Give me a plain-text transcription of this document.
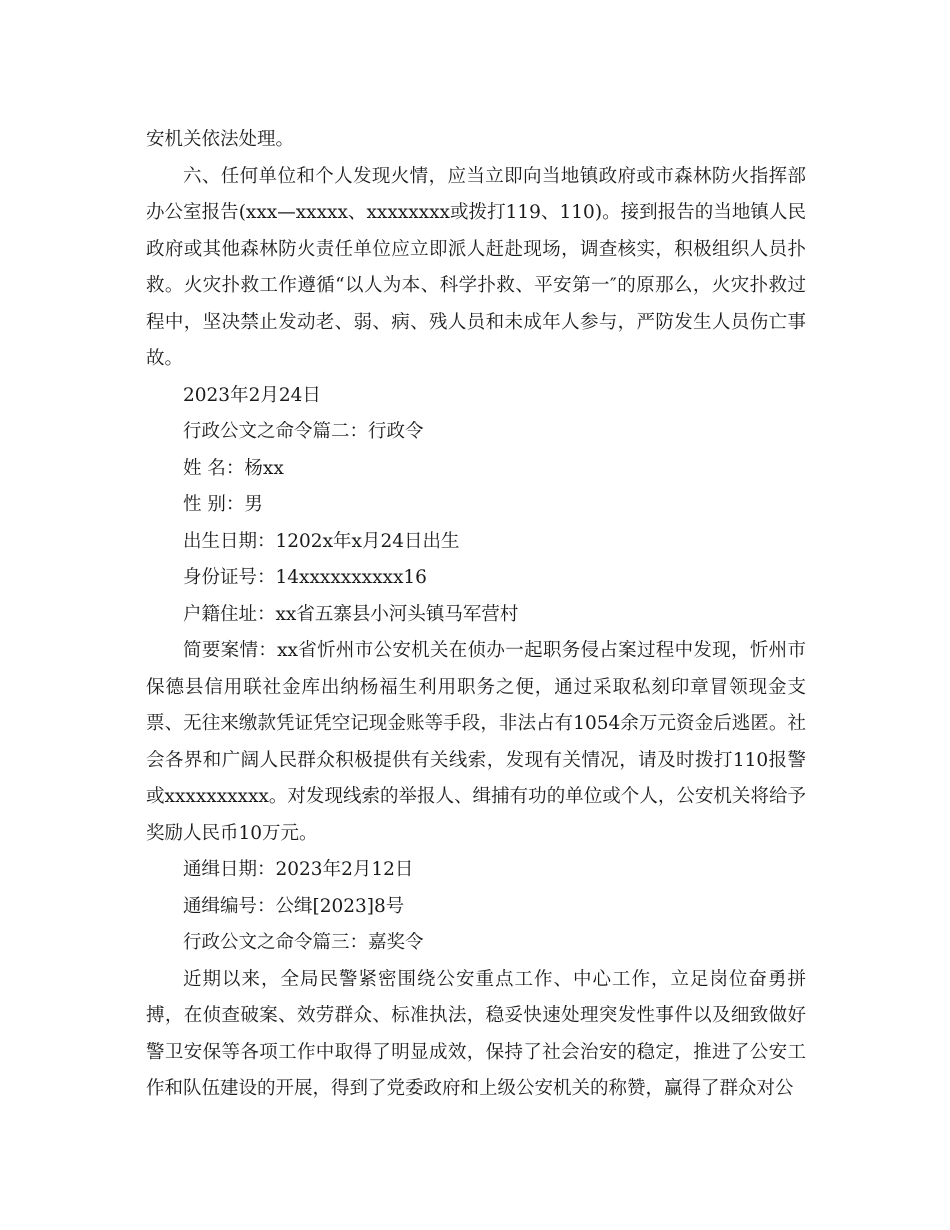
安机关依法处理。

六、任何单位和个人发现火情，应当立即向当地镇政府或市森林防火指挥部办公室报告(xxx—xxxxx、xxxxxxxx或拨打119、110)。接到报告的当地镇人民政府或其他森林防火责任单位应立即派人赶赴现场，调查核实，积极组织人员扑救。火灾扑救工作遵循“以人为本、科学扑救、平安第一″的原那么，火灾扑救过程中，坚决禁止发动老、弱、病、残人员和未成年人参与，严防发生人员伤亡事故。

2023年2月24日

行政公文之命令篇二：行政令

姓 名：杨xx

性 别：男

出生日期：1202x年x月24日出生

身份证号：14xxxxxxxxxx16

户籍住址：xx省五寨县小河头镇马军营村

简要案情：xx省忻州市公安机关在侦办一起职务侵占案过程中发现，忻州市保德县信用联社金库出纳杨福生利用职务之便，通过采取私刻印章冒领现金支票、无往来缴款凭证凭空记现金账等手段，非法占有1054余万元资金后逃匿。社会各界和广阔人民群众积极提供有关线索，发现有关情况，请及时拨打110报警或xxxxxxxxxx。对发现线索的举报人、缉捕有功的单位或个人，公安机关将给予奖励人民币10万元。

通缉日期：2023年2月12日

通缉编号：公缉[2023]8号

行政公文之命令篇三：嘉奖令

近期以来，全局民警紧密围绕公安重点工作、中心工作，立足岗位奋勇拼搏，在侦查破案、效劳群众、标准执法，稳妥快速处理突发性事件以及细致做好警卫安保等各项工作中取得了明显成效，保持了社会治安的稳定，推进了公安工作和队伍建设的开展，得到了党委政府和上级公安机关的称赞，赢得了群众对公
